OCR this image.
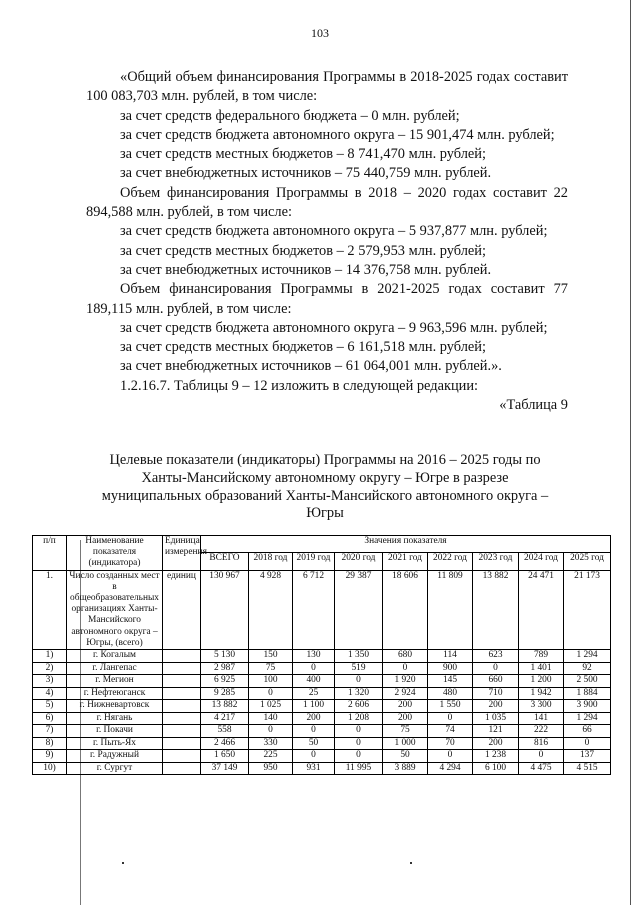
103

«Общий объем финансирования Программы в 2018-2025 годах составит 100 083,703 млн. рублей, в том числе:

за счет средств федерального бюджета – 0 млн. рублей;

за счет средств бюджета автономного округа – 15 901,474 млн. рублей;

за счет средств местных бюджетов – 8 741,470 млн. рублей;

за счет внебюджетных источников – 75 440,759 млн. рублей.

Объем финансирования Программы в 2018 – 2020 годах составит 22 894,588 млн. рублей, в том числе:

за счет средств бюджета автономного округа – 5 937,877 млн. рублей;

за счет средств местных бюджетов – 2 579,953 млн. рублей;

за счет внебюджетных источников – 14 376,758 млн. рублей.

Объем финансирования Программы в 2021-2025 годах составит 77 189,115 млн. рублей, в том числе:

за счет средств бюджета автономного округа – 9 963,596 млн. рублей;

за счет средств местных бюджетов – 6 161,518 млн. рублей;

за счет внебюджетных источников – 61 064,001 млн. рублей.».

1.2.16.7. Таблицы 9 – 12 изложить в следующей редакции:

«Таблица 9

Целевые показатели (индикаторы) Программы на 2016 – 2025 годы по
Ханты-Мансийскому автономному округу – Югре в разрезе
муниципальных образований Ханты-Мансийского автономного округа –
Югры
п/п	Наименование показателя (индикатора)	Единица измерения	Значения показателя								
			ВСЕГО	2018 год	2019 год	2020 год	2021 год	2022 год	2023 год	2024 год	2025 год
1.	Число созданных мест в общеобразовательных организациях Ханты-Мансийского автономного округа – Югры, (всего)	единиц	130 967	4 928	6 712	29 387	18 606	11 809	13 882	24 471	21 173
1)	г. Когалым		5 130	150	130	1 350	680	114	623	789	1 294
2)	г. Лангепас		2 987	75	0	519	0	900	0	1 401	92
3)	г. Мегион		6 925	100	400	0	1 920	145	660	1 200	2 500
4)	г. Нефтеюганск		9 285	0	25	1 320	2 924	480	710	1 942	1 884
5)	г. Нижневартовск		13 882	1 025	1 100	2 606	200	1 550	200	3 300	3 900
6)	г. Нягань		4 217	140	200	1 208	200	0	1 035	141	1 294
7)	г. Покачи		558	0	0	0	75	74	121	222	66
8)	г. Пыть-Ях		2 466	330	50	0	1 000	70	200	816	0
9)	г. Радужный		1 650	225	0	0	50	0	1 238	0	137
10)	г. Сургут		37 149	950	931	11 995	3 889	4 294	6 100	4 475	4 515
